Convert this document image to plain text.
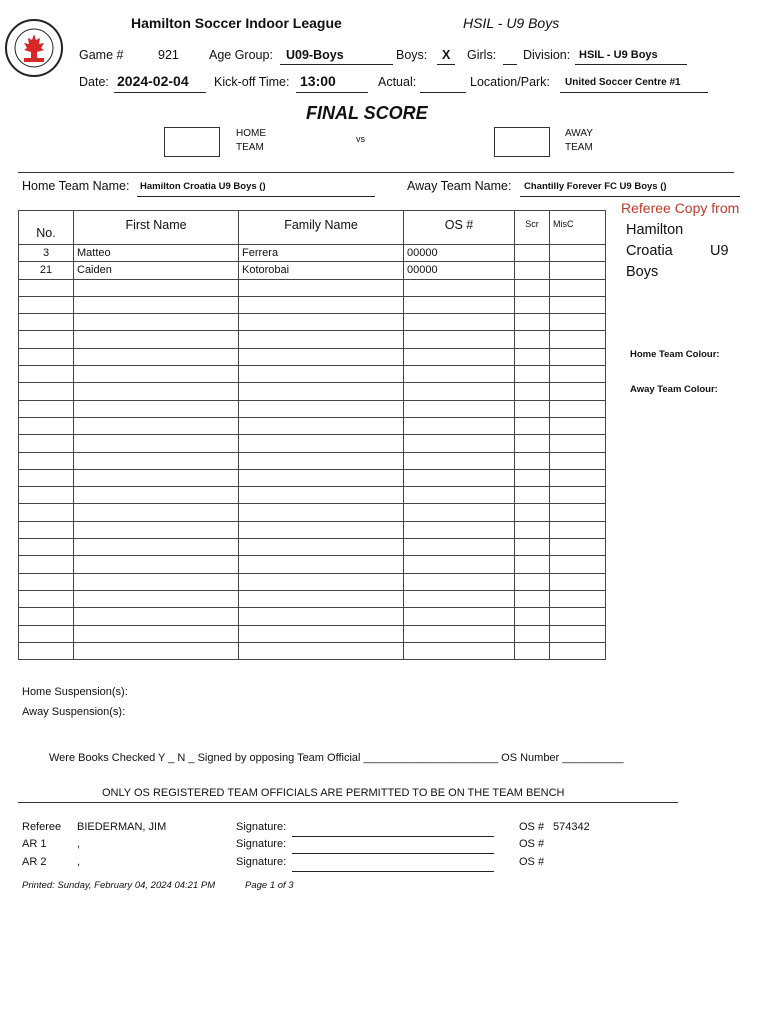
Hamilton Soccer Indoor League	HSIL - U9 Boys
Game #	921 Age Group: U09-Boys	Boys: X Girls: Division: HSIL - U9 Boys
Date: 2024-02-04 Kick-off Time: 13:00	Actual:	Location/Park: United Soccer Centre #1
FINAL SCORE
HOME
TEAM
vs	AWAY
TEAM
Home Team Name: Hamilton Croatia U9 Boys ()	Away Team Name: Chantilly Forever FC U9 Boys ()
No.	First Name	Family Name	OS #	Scr	MisC
3	Matteo	Ferrera	00000		
21	Caiden	Kotorobai	00000		

Referee Copy from
Hamilton
Croatia	U9
Boys
Home Team Colour:
Away Team Colour:
Home Suspension(s):
Away Suspension(s):
Were Books Checked Y _ N _ Signed by opposing Team Official ______________________ OS Number __________
ONLY OS REGISTERED TEAM OFFICIALS ARE PERMITTED TO BE ON THE TEAM BENCH
Referee BIEDERMAN, JIM	Signature:	OS # 574342
AR 1	,	Signature:	OS #
AR 2	,	Signature:	OS #
Printed: Sunday, February 04, 2024 04:21 PM	Page 1 of 3
